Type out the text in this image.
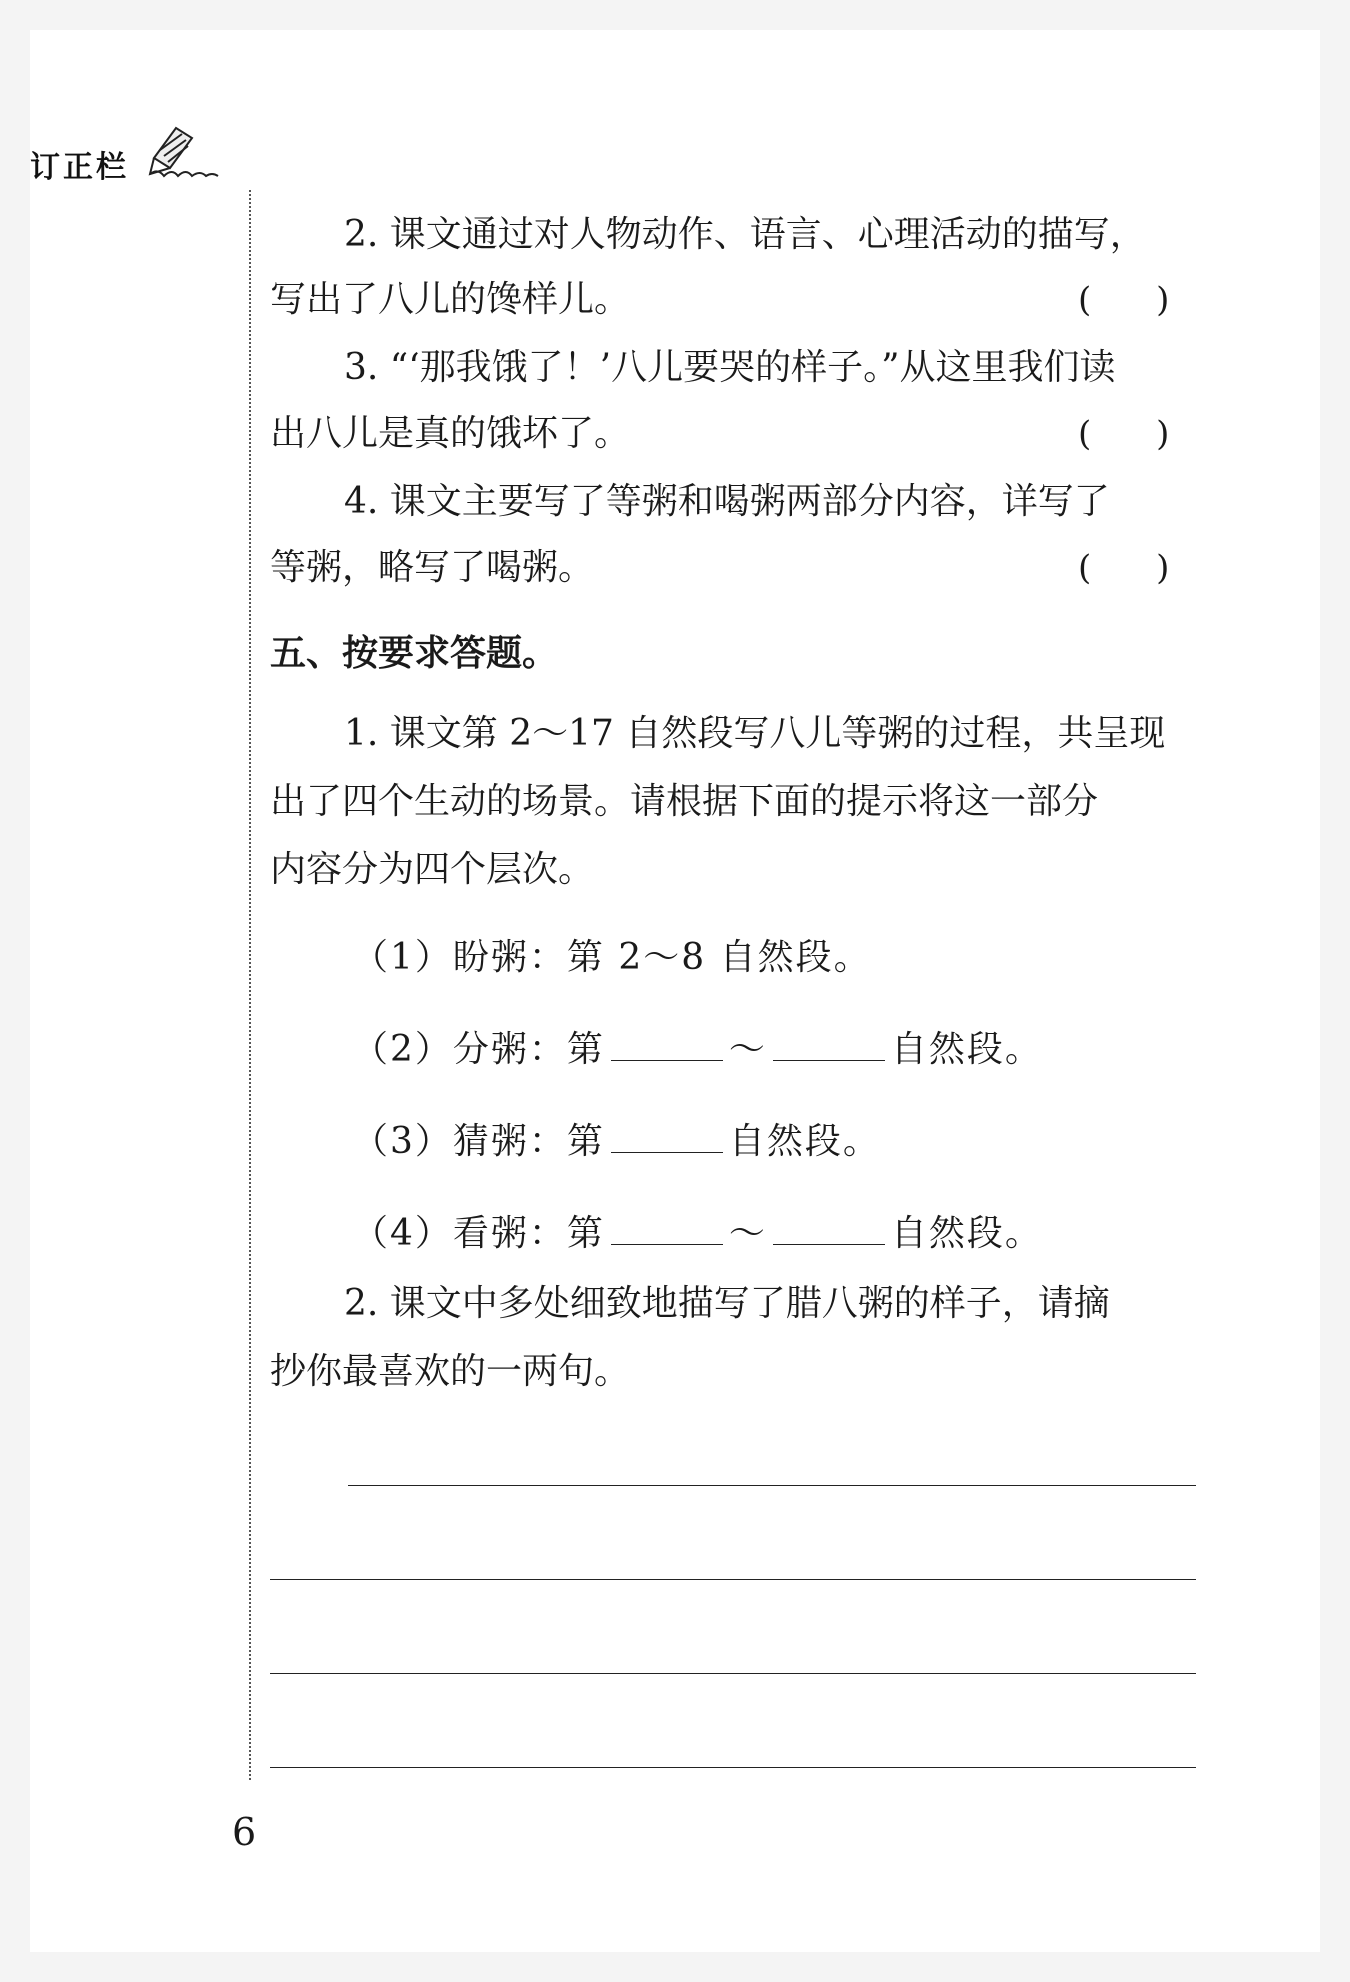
订正栏
2. 课文通过对人物动作、语言、心理活动的描写，
写出了八儿的馋样儿。	(      )
3. “‘那我饿了！’八儿要哭的样子。”从这里我们读
出八儿是真的饿坏了。	(      )
4. 课文主要写了等粥和喝粥两部分内容，详写了
等粥，略写了喝粥。	(      )
五、按要求答题。
1. 课文第 2～17 自然段写八儿等粥的过程，共呈现
出了四个生动的场景。请根据下面的提示将这一部分
内容分为四个层次。
（1）盼粥：第 2～8 自然段。
（2）分粥：第	～	自然段。
（3）猜粥：第	自然段。
（4）看粥：第	～	自然段。
2. 课文中多处细致地描写了腊八粥的样子，请摘
抄你最喜欢的一两句。
6
